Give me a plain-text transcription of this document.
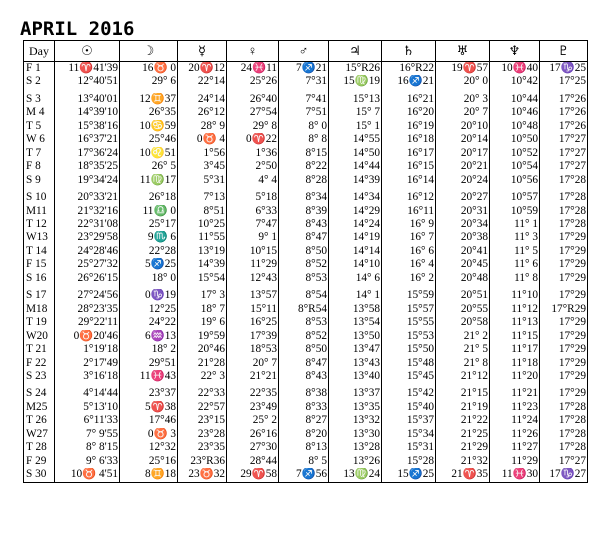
APRIL 2016
Day	☉	☽	☿	♀	♂	♃	♄	♅	♆	♇
F 1	11♈41'39	16♉ 0	20♈12	24♓11	7♐21	15°R26	16°R22	19♈57	10♓40	17♑25
S 2	12°40'51	29° 6	22°14	25°26	7°31	15♍19	16♐21	20° 0	10°42	17°25

S 3	13°40'01	12♊37	24°14	26°40	7°41	15°13	16°21	20° 3	10°44	17°26
M 4	14°39'10	26°35	26°12	27°54	7°51	15° 7	16°20	20° 7	10°46	17°26
T 5	15°38'16	10♋59	28° 9	29° 8	8° 0	15° 1	16°19	20°10	10°48	17°26
W 6	16°37'21	25°46	0♉ 4	0♈22	8° 8	14°55	16°18	20°14	10°50	17°27
T 7	17°36'24	10♌51	1°56	1°36	8°15	14°50	16°17	20°17	10°52	17°27
F 8	18°35'25	26° 5	3°45	2°50	8°22	14°44	16°15	20°21	10°54	17°27
S 9	19°34'24	11♍17	5°31	4° 4	8°28	14°39	16°14	20°24	10°56	17°28

S 10	20°33'21	26°18	7°13	5°18	8°34	14°34	16°12	20°27	10°57	17°28
M11	21°32'16	11♎ 0	8°51	6°33	8°39	14°29	16°11	20°31	10°59	17°28
T 12	22°31'08	25°17	10°25	7°47	8°43	14°24	16° 9	20°34	11° 1	17°28
W13	23°29'58	9♏ 6	11°55	9° 1	8°47	14°19	16° 7	20°38	11° 3	17°29
T 14	24°28'46	22°28	13°19	10°15	8°50	14°14	16° 6	20°41	11° 5	17°29
F 15	25°27'32	5♐25	14°39	11°29	8°52	14°10	16° 4	20°45	11° 6	17°29
S 16	26°26'15	18° 0	15°54	12°43	8°53	14° 6	16° 2	20°48	11° 8	17°29

S 17	27°24'56	0♑19	17° 3	13°57	8°54	14° 1	15°59	20°51	11°10	17°29
M18	28°23'35	12°25	18° 7	15°11	8°R54	13°58	15°57	20°55	11°12	17°R29
T 19	29°22'11	24°22	19° 6	16°25	8°53	13°54	15°55	20°58	11°13	17°29
W20	0♉20'46	6♒13	19°59	17°39	8°52	13°50	15°53	21° 2	11°15	17°29
T 21	1°19'18	18° 2	20°46	18°53	8°50	13°47	15°50	21° 5	11°17	17°29
F 22	2°17'49	29°51	21°28	20° 7	8°47	13°43	15°48	21° 8	11°18	17°29
S 23	3°16'18	11♓43	22° 3	21°21	8°43	13°40	15°45	21°12	11°20	17°29

S 24	4°14'44	23°37	22°33	22°35	8°38	13°37	15°42	21°15	11°21	17°29
M25	5°13'10	5♈38	22°57	23°49	8°33	13°35	15°40	21°19	11°23	17°28
T 26	6°11'33	17°46	23°15	25° 2	8°27	13°32	15°37	21°22	11°24	17°28
W27	7° 9'55	0♉ 3	23°28	26°16	8°20	13°30	15°34	21°25	11°26	17°28
T 28	8° 8'15	12°32	23°35	27°30	8°13	13°28	15°31	21°29	11°27	17°28
F 29	9° 6'33	25°16	23°R36	28°44	8° 5	13°26	15°28	21°32	11°29	17°27
S 30	10♉ 4'51	8♊18	23♉32	29♈58	7♐56	13♍24	15♐25	21♈35	11♓30	17♑27
